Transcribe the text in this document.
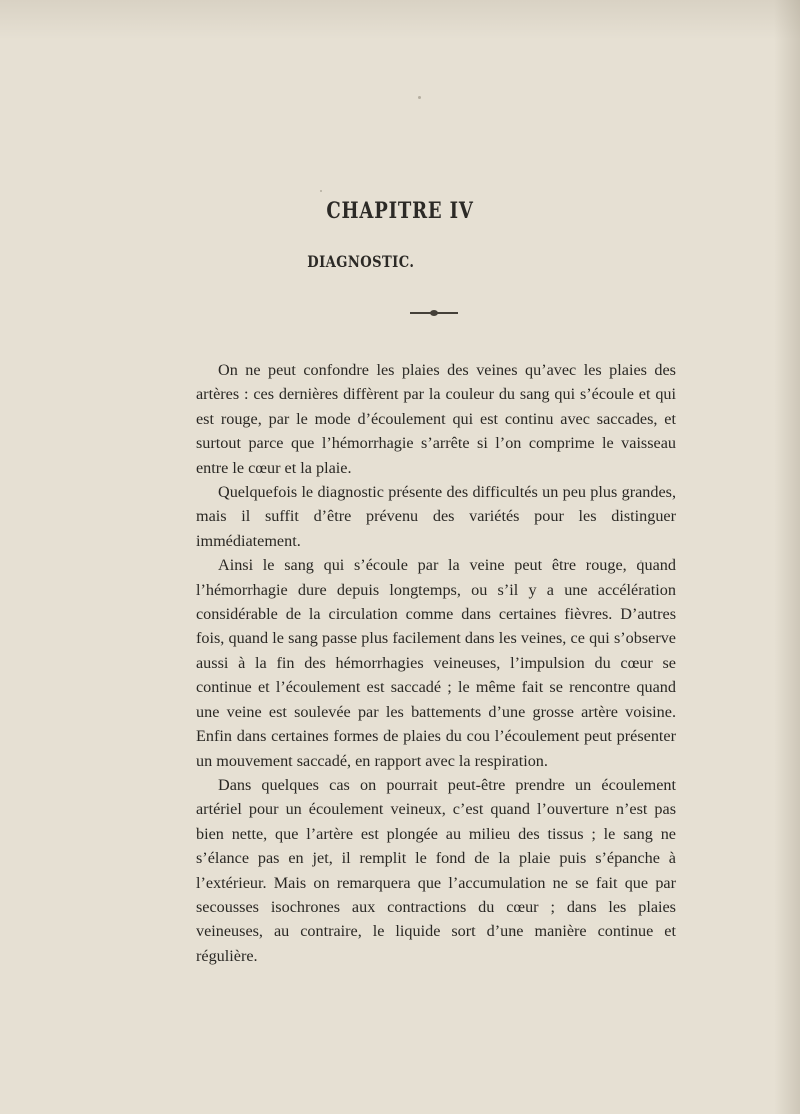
CHAPITRE IV
DIAGNOSTIC.

On ne peut confondre les plaies des veines qu’avec les plaies des artères : ces dernières diffèrent par la couleur du sang qui s’écoule et qui est rouge, par le mode d’écoulement qui est continu avec saccades, et surtout parce que l’hémorrhagie s’arrête si l’on comprime le vaisseau entre le cœur et la plaie.

Quelquefois le diagnostic présente des difficultés un peu plus grandes, mais il suffit d’être prévenu des variétés pour les distinguer immédiatement.

Ainsi le sang qui s’écoule par la veine peut être rouge, quand l’hémorrhagie dure depuis longtemps, ou s’il y a une accélération considérable de la circulation comme dans certaines fièvres. D’autres fois, quand le sang passe plus facilement dans les veines, ce qui s’observe aussi à la fin des hémorrhagies veineuses, l’impulsion du cœur se continue et l’écoulement est saccadé ; le même fait se rencontre quand une veine est soulevée par les battements d’une grosse artère voisine. Enfin dans certaines formes de plaies du cou l’écoulement peut présenter un mouvement saccadé, en rapport avec la respiration.

Dans quelques cas on pourrait peut-être prendre un écoulement artériel pour un écoulement veineux, c’est quand l’ouverture n’est pas bien nette, que l’artère est plongée au milieu des tissus ; le sang ne s’élance pas en jet, il remplit le fond de la plaie puis s’épanche à l’extérieur. Mais on remarquera que l’accumulation ne se fait que par secousses isochrones aux contractions du cœur ; dans les plaies veineuses, au contraire, le liquide sort d’une manière continue et régulière.
